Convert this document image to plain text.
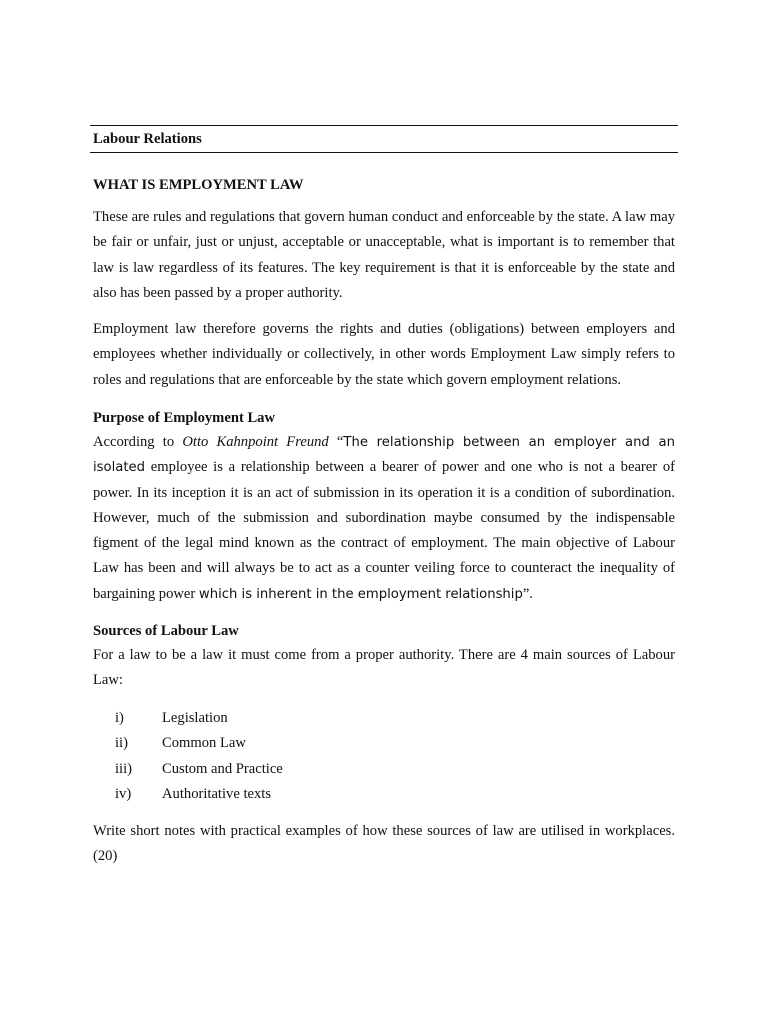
Labour Relations
WHAT IS EMPLOYMENT LAW

These are rules and regulations that govern human conduct and enforceable by the state. A law may be fair or unfair, just or unjust, acceptable or unacceptable, what is important is to remember that law is law regardless of its features. The key requirement is that it is enforceable by the state and also has been passed by a proper authority.

Employment law therefore governs the rights and duties (obligations) between employers and employees whether individually or collectively, in other words Employment Law simply refers to roles and regulations that are enforceable by the state which govern employment relations.

Purpose of Employment Law

According to Otto Kahnpoint Freund “The relationship between an employer and an isolated employee is a relationship between a bearer of power and one who is not a bearer of power. In its inception it is an act of submission in its operation it is a condition of subordination. However, much of the submission and subordination maybe consumed by the indispensable figment of the legal mind known as the contract of employment. The main objective of Labour Law has been and will always be to act as a counter veiling force to counteract the inequality of bargaining power which is inherent in the employment relationship”.

Sources of Labour Law

For a law to be a law it must come from a proper authority. There are 4 main sources of Labour Law:

i)	Legislation
ii) Common Law
iii) Custom and Practice
iv) Authoritative texts

Write short notes with practical examples of how these sources of law are utilised in workplaces. (20)
